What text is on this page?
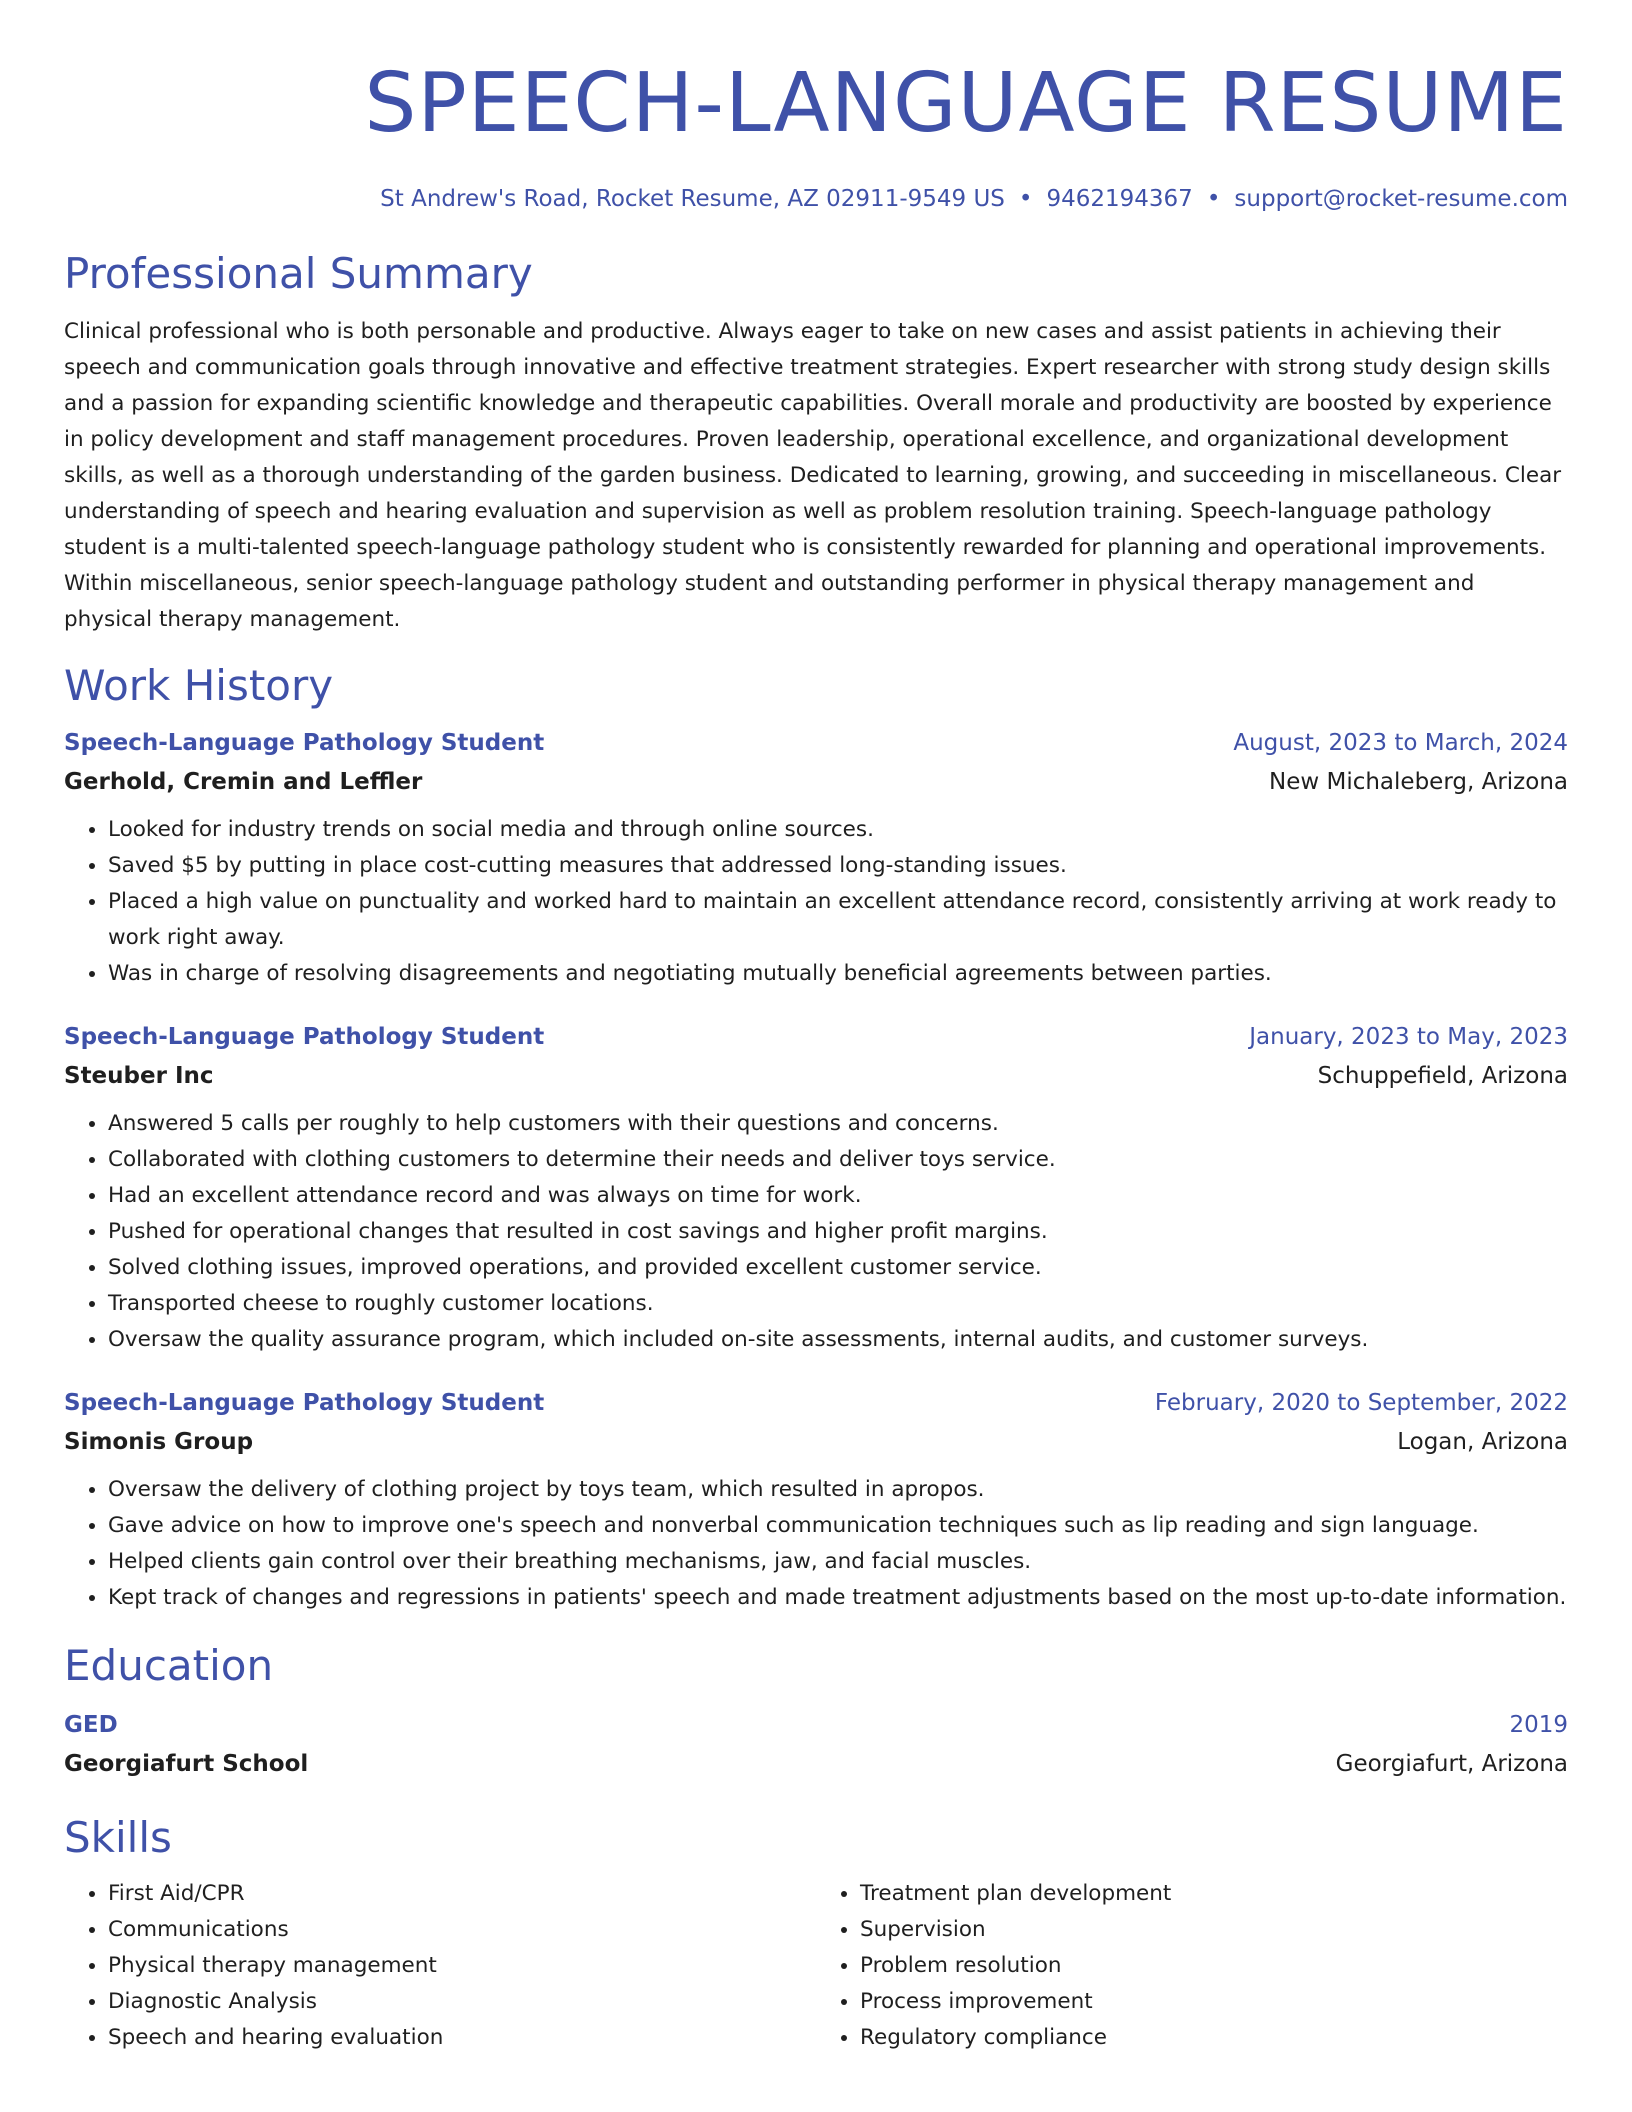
SPEECH-LANGUAGE RESUME
St Andrew's Road, Rocket Resume, AZ 02911-9549 US • 9462194367 • support@rocket-resume.com
Professional Summary

Clinical professional who is both personable and productive. Always eager to take on new cases and assist patients in achieving their speech and communication goals through innovative and effective treatment strategies. Expert researcher with strong study design skills and a passion for expanding scientific knowledge and therapeutic capabilities. Overall morale and productivity are boosted by experience in policy development and staff management procedures. Proven leadership, operational excellence, and organizational development skills, as well as a thorough understanding of the garden business. Dedicated to learning, growing, and succeeding in miscellaneous. Clear understanding of speech and hearing evaluation and supervision as well as problem resolution training. Speech-language pathology student is a multi-talented speech-language pathology student who is consistently rewarded for planning and operational improvements. Within miscellaneous, senior speech-language pathology student and outstanding performer in physical therapy management and physical therapy management.

Work History
Speech-Language Pathology Student	August, 2023 to March, 2024
Gerhold, Cremin and Leffler	New Michaleberg, Arizona
• Looked for industry trends on social media and through online sources.
• Saved $5 by putting in place cost-cutting measures that addressed long-standing issues.
• Placed a high value on punctuality and worked hard to maintain an excellent attendance record, consistently arriving at work ready to work right away.
• Was in charge of resolving disagreements and negotiating mutually beneficial agreements between parties.
Speech-Language Pathology Student	January, 2023 to May, 2023
Steuber Inc	Schuppefield, Arizona
• Answered 5 calls per roughly to help customers with their questions and concerns.
• Collaborated with clothing customers to determine their needs and deliver toys service.
• Had an excellent attendance record and was always on time for work.
• Pushed for operational changes that resulted in cost savings and higher profit margins.
• Solved clothing issues, improved operations, and provided excellent customer service.
• Transported cheese to roughly customer locations.
• Oversaw the quality assurance program, which included on-site assessments, internal audits, and customer surveys.
Speech-Language Pathology Student	February, 2020 to September, 2022
Simonis Group	Logan, Arizona
• Oversaw the delivery of clothing project by toys team, which resulted in apropos.
• Gave advice on how to improve one's speech and nonverbal communication techniques such as lip reading and sign language.
• Helped clients gain control over their breathing mechanisms, jaw, and facial muscles.
• Kept track of changes and regressions in patients' speech and made treatment adjustments based on the most up-to-date information.
Education
GED	2019
Georgiafurt School	Georgiafurt, Arizona
Skills
• First Aid/CPR
• Communications
• Physical therapy management
• Diagnostic Analysis
• Speech and hearing evaluation
• Treatment plan development
• Supervision
• Problem resolution
• Process improvement
• Regulatory compliance
